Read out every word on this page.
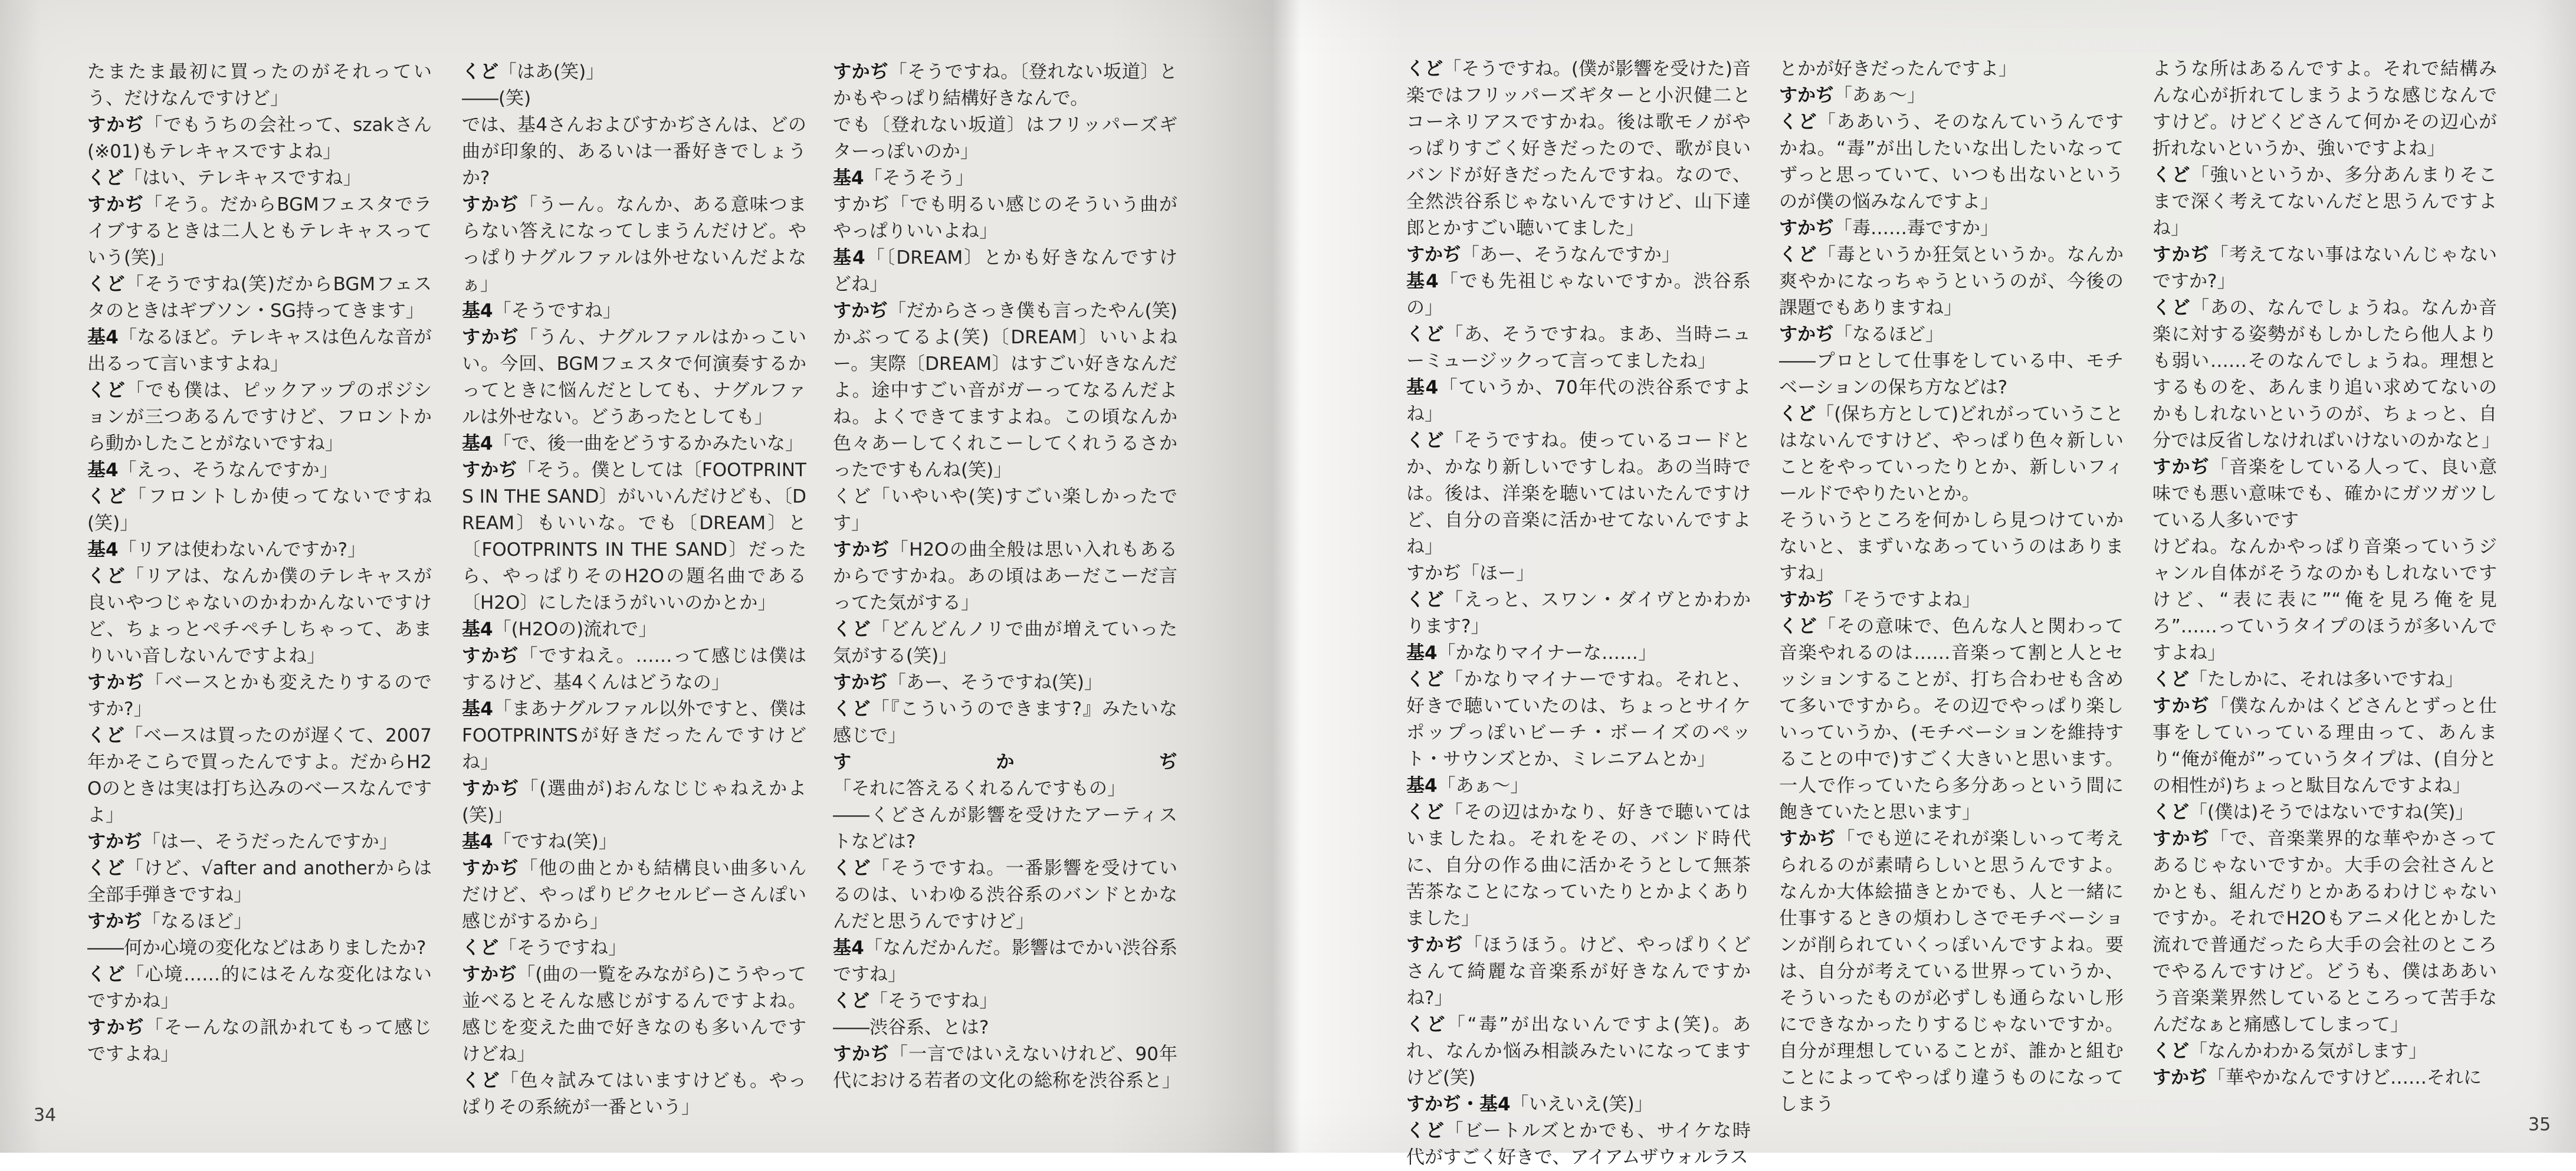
たまたま最初に買ったのがそれっていう、だけなんですけど」

すかぢ「でもうちの会社って、szakさん(※01)もテレキャスですよね」

くど「はい、テレキャスですね」

すかぢ「そう。だからBGMフェスタでライブするときは二人ともテレキャスっていう(笑)」

くど「そうですね(笑)だからBGMフェスタのときはギブソン・SG持ってきます」

基4「なるほど。テレキャスは色んな音が出るって言いますよね」

くど「でも僕は、ピックアップのポジションが三つあるんですけど、フロントから動かしたことがないですね」

基4「えっ、そうなんですか」

くど「フロントしか使ってないですね(笑)」

基4「リアは使わないんですか?」

くど「リアは、なんか僕のテレキャスが良いやつじゃないのかわかんないですけど、ちょっとペチペチしちゃって、あまりいい音しないんですよね」

すかぢ「ベースとかも変えたりするのですか?」

くど「ベースは買ったのが遅くて、2007年かそこらで買ったんですよ。だからH2Oのときは実は打ち込みのベースなんですよ」

すかぢ「はー、そうだったんですか」

くど「けど、√after and anotherからは全部手弾きですね」

すかぢ「なるほど」

――何か心境の変化などはありましたか?

くど「心境……的にはそんな変化はないですかね」

すかぢ「そーんなの訊かれてもって感じですよね」

くど「はあ(笑)」

――(笑)

では、基4さんおよびすかぢさんは、どの曲が印象的、あるいは一番好きでしょうか?

すかぢ「うーん。なんか、ある意味つまらない答えになってしまうんだけど。やっぱりナグルファルは外せないんだよなぁ」

基4「そうですね」

すかぢ「うん、ナグルファルはかっこいい。今回、BGMフェスタで何演奏するかってときに悩んだとしても、ナグルファルは外せない。どうあったとしても」

基4「で、後一曲をどうするかみたいな」

すかぢ「そう。僕としては〔FOOTPRINTS IN THE SAND〕がいいんだけども、〔DREAM〕もいいな。でも〔DREAM〕と〔FOOTPRINTS IN THE SAND〕だったら、やっぱりそのH2Oの題名曲である〔H2O〕にしたほうがいいのかとか」

基4「(H2Oの)流れで」

すかぢ「ですねえ。……って感じは僕はするけど、基4くんはどうなの」

基4「まあナグルファル以外ですと、僕はFOOTPRINTSが好きだったんですけどね」

すかぢ「(選曲が)おんなじじゃねえかよ(笑)」

基4「ですね(笑)」

すかぢ「他の曲とかも結構良い曲多いんだけど、やっぱりピクセルビーさんぽい感じがするから」

くど「そうですね」

すかぢ「(曲の一覧をみながら)こうやって並べるとそんな感じがするんですよね。感じを変えた曲で好きなのも多いんですけどね」

くど「色々試みてはいますけども。やっぱりその系統が一番という」

すかぢ「そうですね。〔登れない坂道〕とかもやっぱり結構好きなんで。

でも〔登れない坂道〕はフリッパーズギターっぽいのか」

基4「そうそう」

すかぢ「でも明るい感じのそういう曲がやっぱりいいよね」

基4「〔DREAM〕とかも好きなんですけどね」

すかぢ「だからさっき僕も言ったやん(笑)かぶってるよ(笑)〔DREAM〕いいよねー。実際〔DREAM〕はすごい好きなんだよ。途中すごい音がガーってなるんだよね。よくできてますよね。この頃なんか色々あーしてくれこーしてくれうるさかったですもんね(笑)」

くど「いやいや(笑)すごい楽しかったです」

すかぢ「H2Oの曲全般は思い入れもあるからですかね。あの頃はあーだこーだ言ってた気がする」

くど「どんどんノリで曲が増えていった気がする(笑)」

すかぢ「あー、そうですね(笑)」

くど「『こういうのできます?』みたいな感じで」

すかぢ「それに答えるくれるんですもの」

――くどさんが影響を受けたアーティストなどは?

くど「そうですね。一番影響を受けているのは、いわゆる渋谷系のバンドとかなんだと思うんですけど」

基4「なんだかんだ。影響はでかい渋谷系ですね」

くど「そうですね」

――渋谷系、とは?

すかぢ「一言ではいえないけれど、90年代における若者の文化の総称を渋谷系と」

くど「そうですね。(僕が影響を受けた)音楽ではフリッパーズギターと小沢健二とコーネリアスですかね。後は歌モノがやっぱりすごく好きだったので、歌が良いバンドが好きだったんですね。なので、全然渋谷系じゃないんですけど、山下達郎とかすごい聴いてました」

すかぢ「あー、そうなんですか」

基4「でも先祖じゃないですか。渋谷系の」

くど「あ、そうですね。まあ、当時ニューミュージックって言ってましたね」

基4「ていうか、70年代の渋谷系ですよね」

くど「そうですね。使っているコードとか、かなり新しいですしね。あの当時では。後は、洋楽を聴いてはいたんですけど、自分の音楽に活かせてないんですよね」

すかぢ「ほー」

くど「えっと、スワン・ダイヴとかわかります?」

基4「かなりマイナーな……」

くど「かなりマイナーですね。それと、好きで聴いていたのは、ちょっとサイケポップっぽいビーチ・ボーイズのペット・サウンズとか、ミレニアムとか」

基4「あぁ〜」

くど「その辺はかなり、好きで聴いてはいましたね。それをその、バンド時代に、自分の作る曲に活かそうとして無茶苦茶なことになっていたりとかよくありました」

すかぢ「ほうほう。けど、やっぱりくどさんて綺麗な音楽系が好きなんですかね?」

くど「“毒”が出ないんですよ(笑)。あれ、なんか悩み相談みたいになってますけど(笑)

すかぢ・基4「いえいえ(笑)」

くど「ビートルズとかでも、サイケな時代がすごく好きで、アイアムザウォルラス

とかが好きだったんですよ」

すかぢ「あぁ〜」

くど「ああいう、そのなんていうんですかね。“毒”が出したいな出したいなってずっと思っていて、いつも出ないというのが僕の悩みなんですよ」

すかぢ「毒……毒ですか」

くど「毒というか狂気というか。なんか爽やかになっちゃうというのが、今後の課題でもありますね」

すかぢ「なるほど」

――プロとして仕事をしている中、モチベーションの保ち方などは?

くど「(保ち方として)どれがっていうことはないんですけど、やっぱり色々新しいことをやっていったりとか、新しいフィールドでやりたいとか。

そういうところを何かしら見つけていかないと、まずいなあっていうのはありますね」

すかぢ「そうですよね」

くど「その意味で、色んな人と関わって音楽やれるのは……音楽って割と人とセッションすることが、打ち合わせも含めて多いですから。その辺でやっぱり楽しいっていうか、(モチベーションを維持することの中で)すごく大きいと思います。一人で作っていたら多分あっという間に飽きていたと思います」

すかぢ「でも逆にそれが楽しいって考えられるのが素晴らしいと思うんですよ。なんか大体絵描きとかでも、人と一緒に仕事するときの煩わしさでモチベーションが削られていくっぽいんですよね。要は、自分が考えている世界っていうか、そういったものが必ずしも通らないし形にできなかったりするじゃないですか。自分が理想していることが、誰かと組むことによってやっぱり違うものになってしまう

ような所はあるんですよ。それで結構みんな心が折れてしまうような感じなんですけど。けどくどさんて何かその辺心が折れないというか、強いですよね」

くど「強いというか、多分あんまりそこまで深く考えてないんだと思うんですよね」

すかぢ「考えてない事はないんじゃないですか?」

くど「あの、なんでしょうね。なんか音楽に対する姿勢がもしかしたら他人よりも弱い……そのなんでしょうね。理想とするものを、あんまり追い求めてないのかもしれないというのが、ちょっと、自分では反省しなければいけないのかなと」

すかぢ「音楽をしている人って、良い意味でも悪い意味でも、確かにガツガツしている人多いです

けどね。なんかやっぱり音楽っていうジャンル自体がそうなのかもしれないですけど、“表に表に”“俺を見ろ俺を見ろ”……っていうタイプのほうが多いんですよね」

くど「たしかに、それは多いですね」

すかぢ「僕なんかはくどさんとずっと仕事をしていっている理由って、あんまり“俺が俺が”っていうタイプは、(自分との相性が)ちょっと駄目なんですよね」

くど「(僕は)そうではないですね(笑)」

すかぢ「で、音楽業界的な華やかさってあるじゃないですか。大手の会社さんとかとも、組んだりとかあるわけじゃないですか。それでH2Oもアニメ化とかした流れで普通だったら大手の会社のところでやるんですけど。どうも、僕はああいう音楽業界然しているところって苦手なんだなぁと痛感してしまって」

くど「なんかわかる気がします」

すかぢ「華やかなんですけど……それに

34	35
